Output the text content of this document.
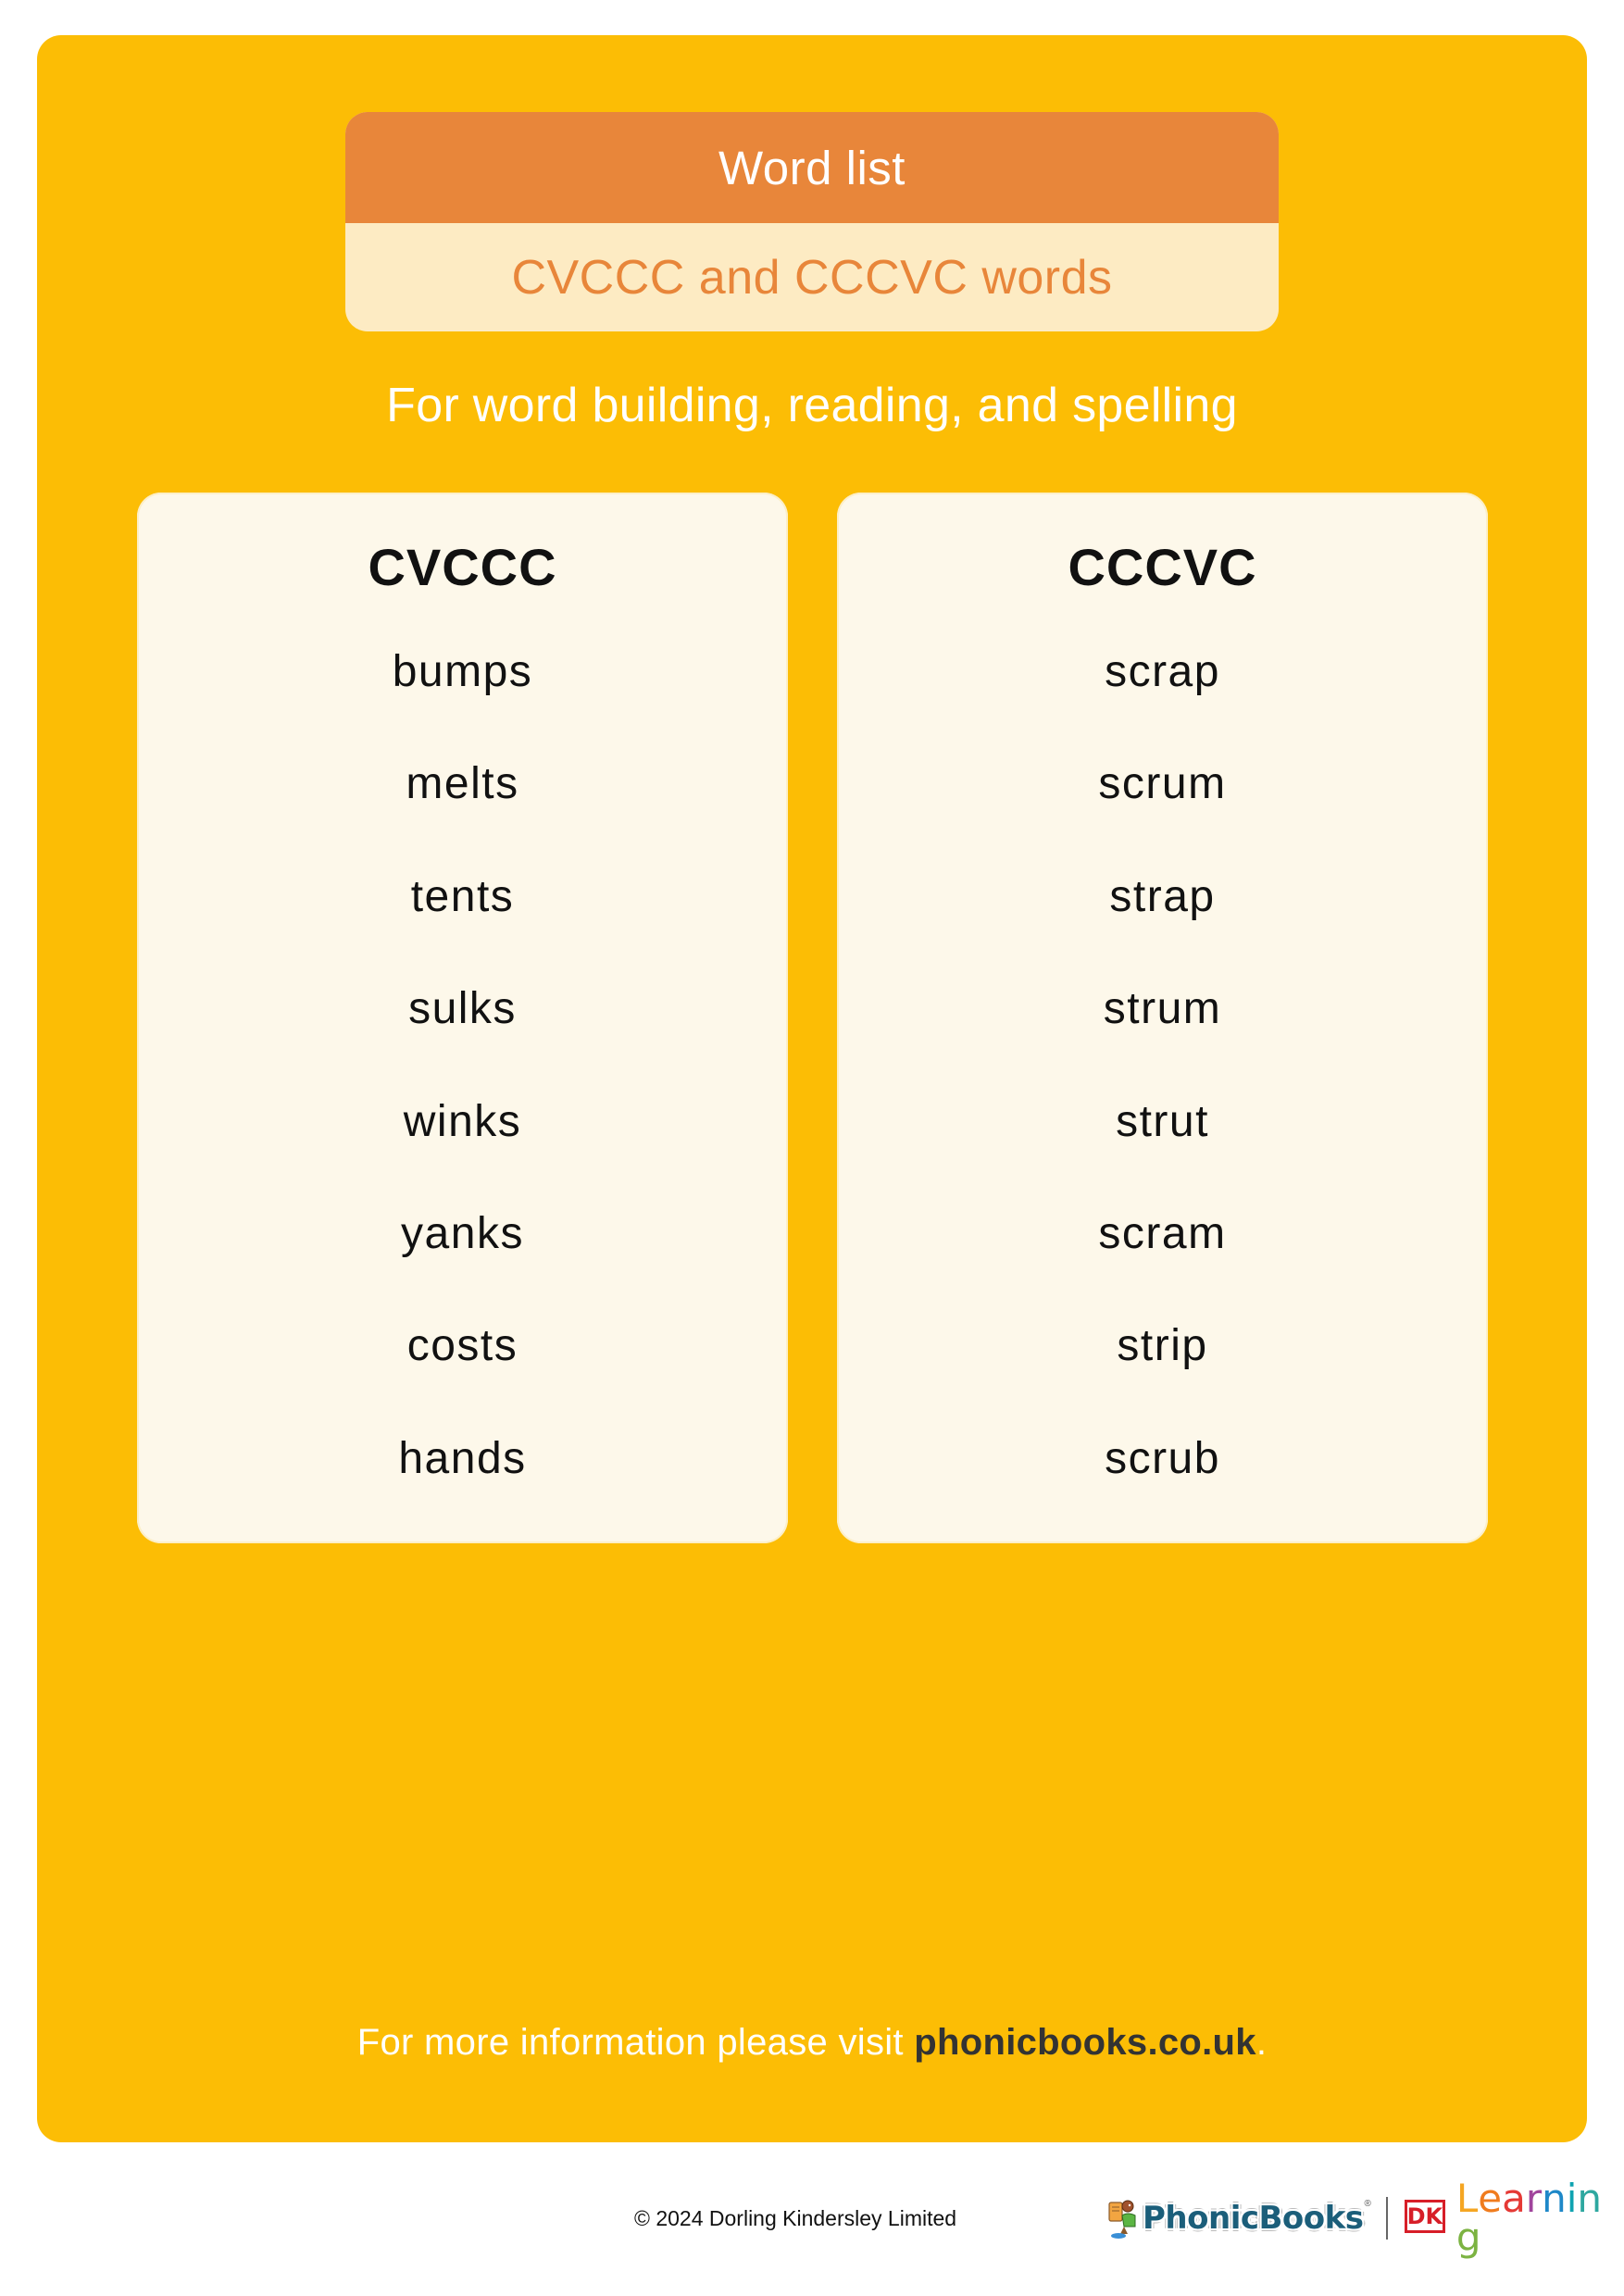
Word list
CVCCC and CCCVC words
For word building, reading, and spelling
CVCCC
bumps
melts
tents
sulks
winks
yanks
costs
hands
CCCVC
scrap
scrum
strap
strum
strut
scram
strip
scrub
For more information please visit phonicbooks.co.uk.
© 2024 Dorling Kindersley Limited	PhonicBooks ® DK Learning
